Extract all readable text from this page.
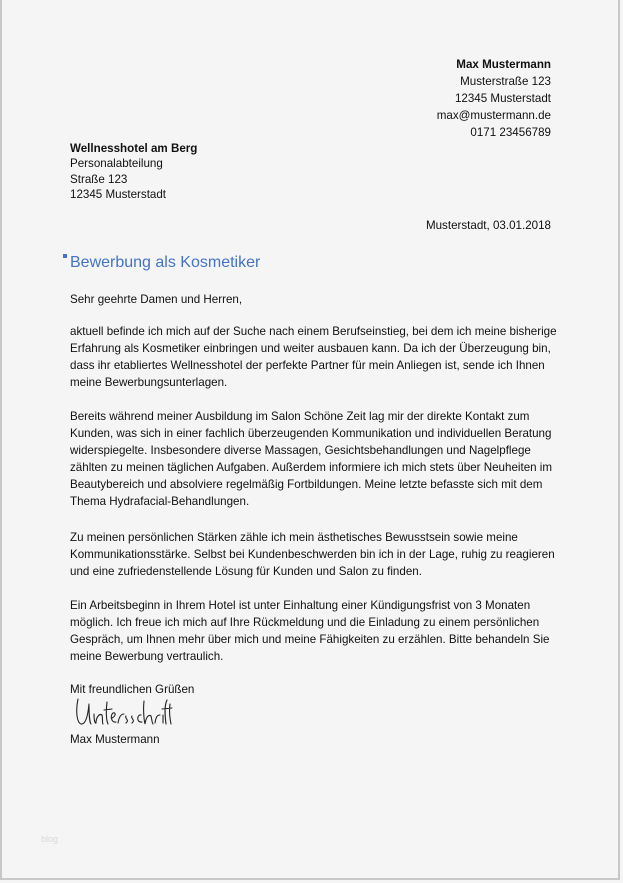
Max Mustermann
Musterstraße 123
12345 Musterstadt
max@mustermann.de
0171 23456789
Wellnesshotel am Berg
Personalabteilung
Straße 123
12345 Musterstadt
Musterstadt, 03.01.2018
Bewerbung als Kosmetiker
Sehr geehrte Damen und Herren,
aktuell befinde ich mich auf der Suche nach einem Berufseinstieg, bei dem ich meine bisherige
Erfahrung als Kosmetiker einbringen und weiter ausbauen kann. Da ich der Überzeugung bin,
dass ihr etabliertes Wellnesshotel der perfekte Partner für mein Anliegen ist, sende ich Ihnen
meine Bewerbungsunterlagen.
Bereits während meiner Ausbildung im Salon Schöne Zeit lag mir der direkte Kontakt zum
Kunden, was sich in einer fachlich überzeugenden Kommunikation und individuellen Beratung
widerspiegelte. Insbesondere diverse Massagen, Gesichtsbehandlungen und Nagelpflege
zählten zu meinen täglichen Aufgaben. Außerdem informiere ich mich stets über Neuheiten im
Beautybereich und absolviere regelmäßig Fortbildungen. Meine letzte befasste sich mit dem
Thema Hydrafacial-Behandlungen.
Zu meinen persönlichen Stärken zähle ich mein ästhetisches Bewusstsein sowie meine
Kommunikationsstärke. Selbst bei Kundenbeschwerden bin ich in der Lage, ruhig zu reagieren
und eine zufriedenstellende Lösung für Kunden und Salon zu finden.
Ein Arbeitsbeginn in Ihrem Hotel ist unter Einhaltung einer Kündigungsfrist von 3 Monaten
möglich. Ich freue ich mich auf Ihre Rückmeldung und die Einladung zu einem persönlichen
Gespräch, um Ihnen mehr über mich und meine Fähigkeiten zu erzählen. Bitte behandeln Sie
meine Bewerbung vertraulich.
Mit freundlichen Grüßen
Max Mustermann
blog
